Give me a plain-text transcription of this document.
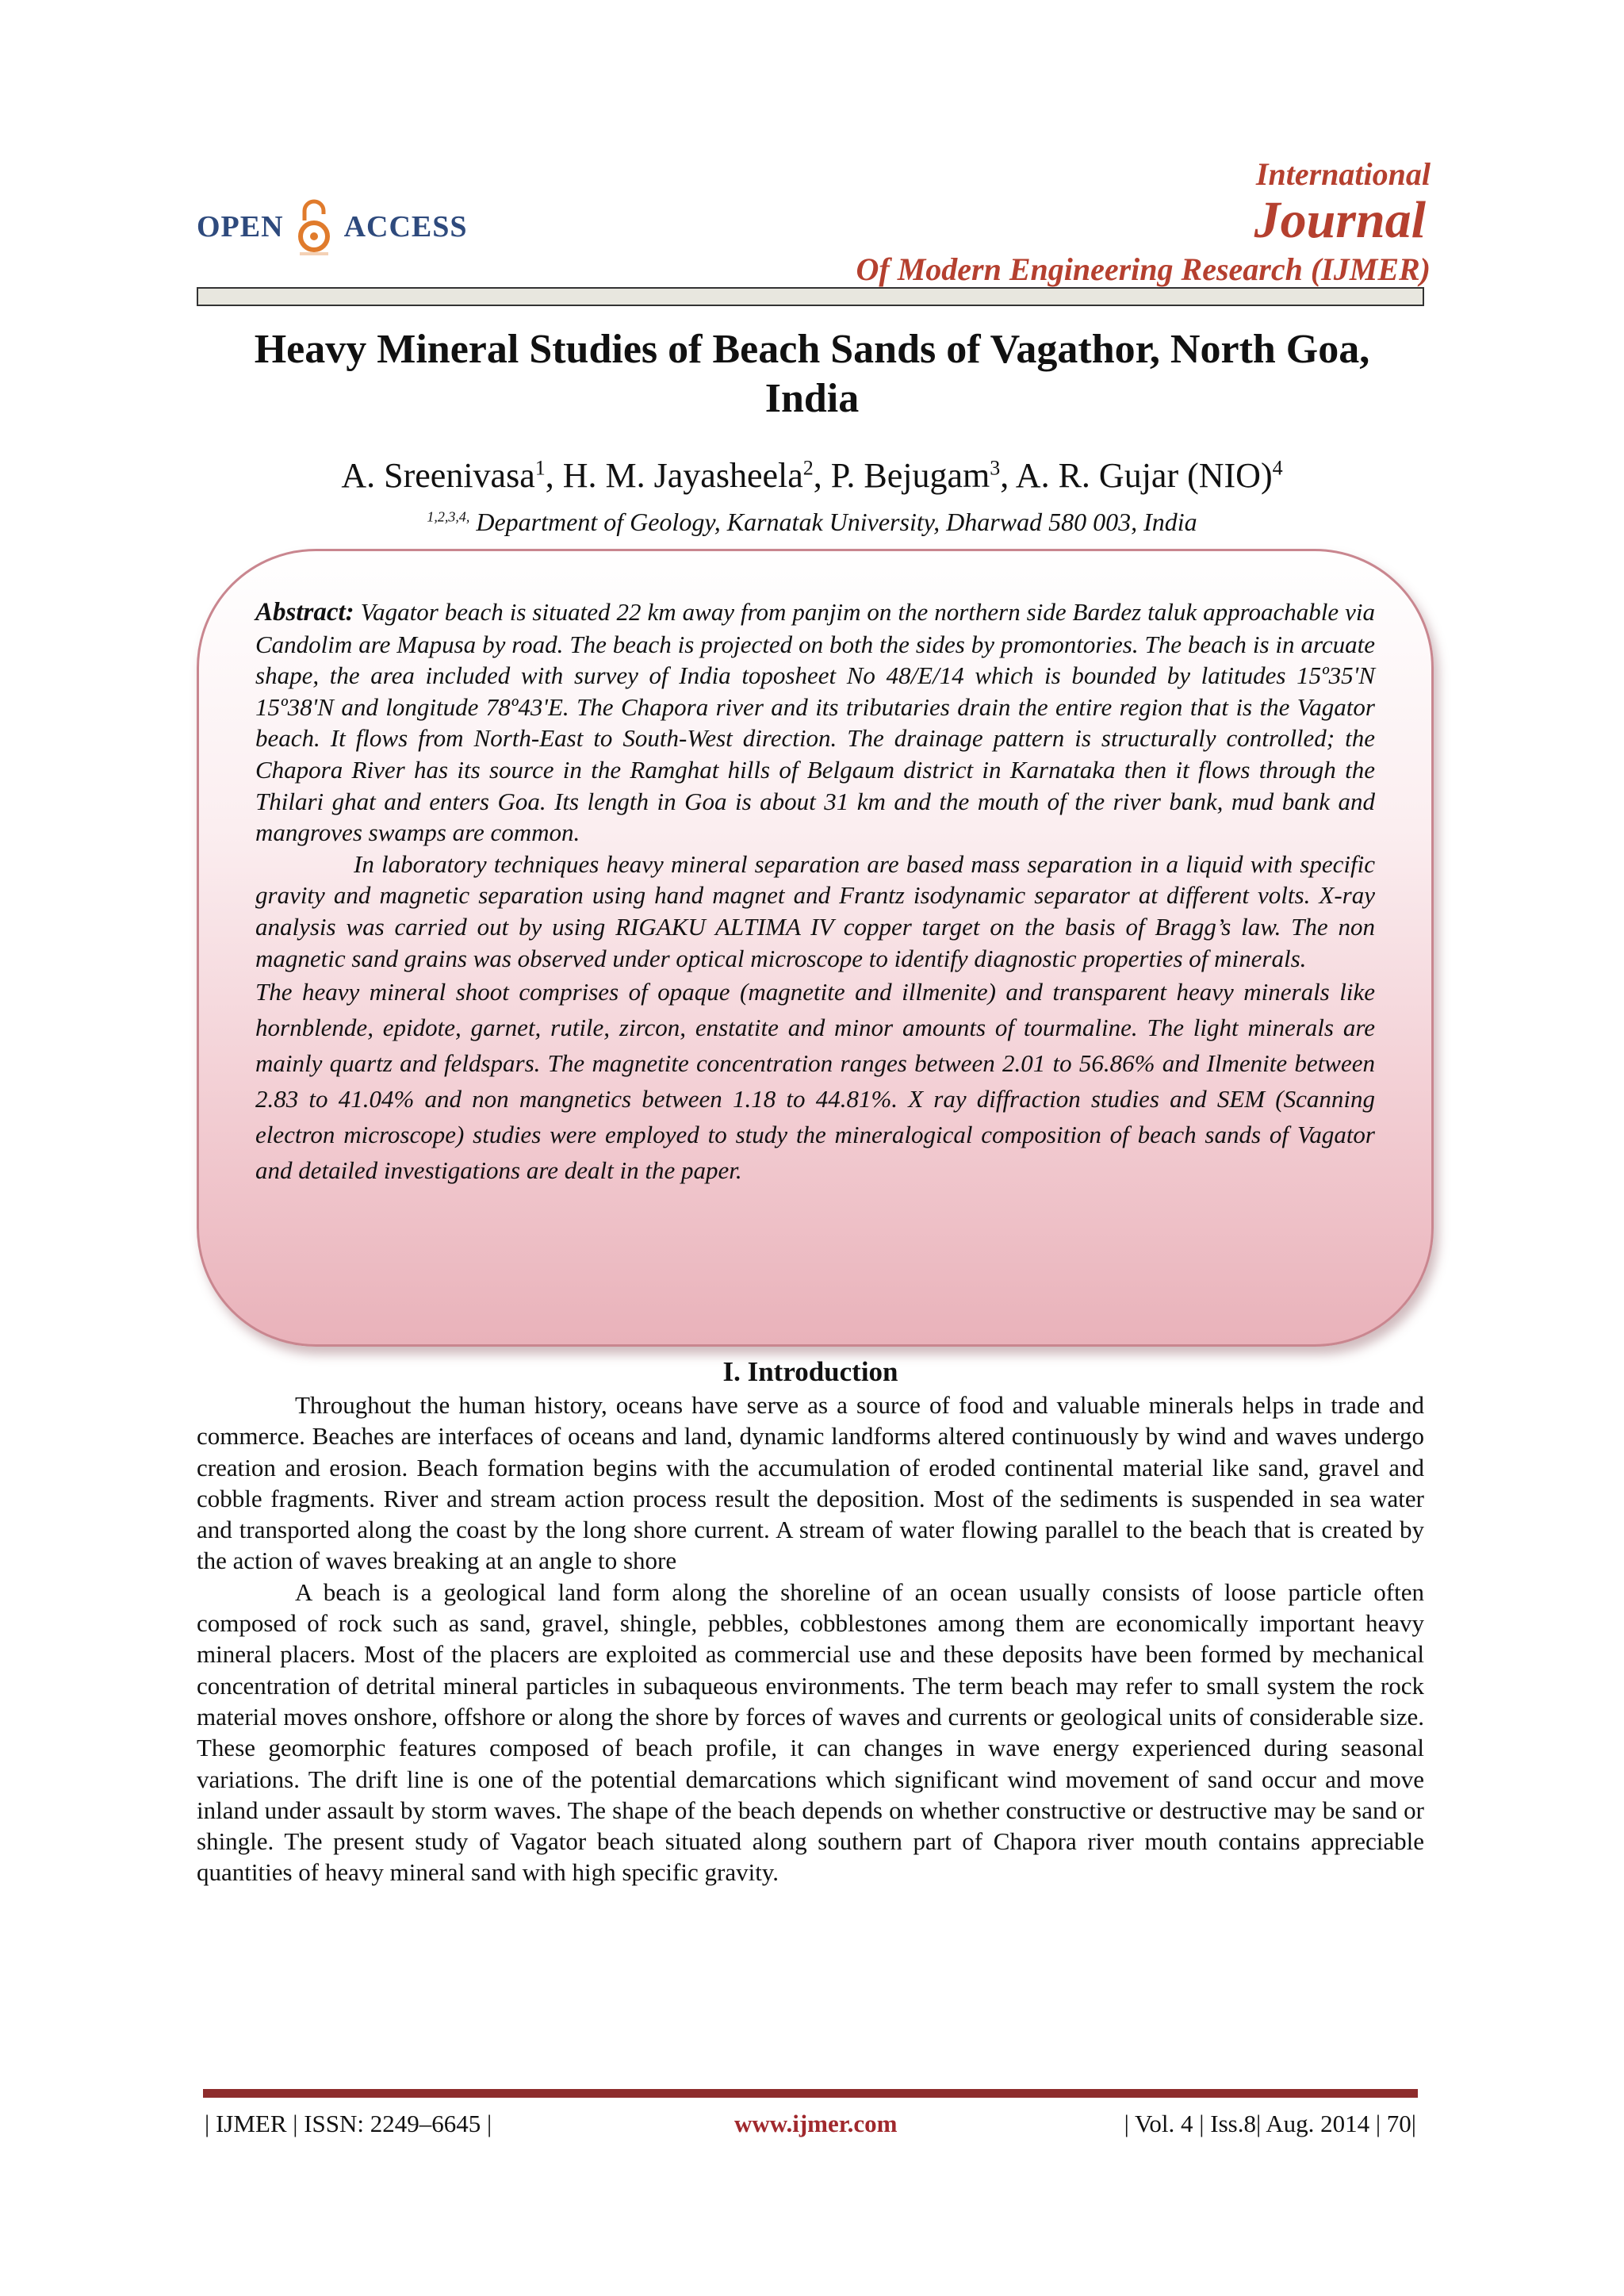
OPEN ACCESS
International
Journal
Of Modern Engineering Research (IJMER)
Heavy Mineral Studies of Beach Sands of Vagathor, North Goa,
India
A. Sreenivasa$^1$, H. M. Jayasheela$^2$, P. Bejugam$^3$, A. R. Gujar (NIO)$^4$
$^{1,2,3,4,}$ Department of Geology, Karnatak University, Dharwad 580 003, India

Abstract: Vagator beach is situated 22 km away from panjim on the northern side Bardez taluk approachable via Candolim are Mapusa by road. The beach is projected on both the sides by promontories. The beach is in arcuate shape, the area included with survey of India toposheet No 48/E/14 which is bounded by latitudes 15º35ʹN 15º38ʹN and longitude 78º43ʹE. The Chapora river and its tributaries drain the entire region that is the Vagator beach. It flows from North-East to South-West direction. The drainage pattern is structurally controlled; the Chapora River has its source in the Ramghat hills of Belgaum district in Karnataka then it flows through the Thilari ghat and enters Goa. Its length in Goa is about 31 km and the mouth of the river bank, mud bank and mangroves swamps are common.

In laboratory techniques heavy mineral separation are based mass separation in a liquid with specific gravity and magnetic separation using hand magnet and Frantz isodynamic separator at different volts. X-ray analysis was carried out by using RIGAKU ALTIMA IV copper target on the basis of Bragg’s law. The non magnetic sand grains was observed under optical microscope to identify diagnostic properties of minerals.

The heavy mineral shoot comprises of opaque (magnetite and illmenite) and transparent heavy minerals like hornblende, epidote, garnet, rutile, zircon, enstatite and minor amounts of tourmaline. The light minerals are mainly quartz and feldspars. The magnetite concentration ranges between 2.01 to 56.86% and Ilmenite between 2.83 to 41.04% and non mangnetics between 1.18 to 44.81%. X ray diffraction studies and SEM (Scanning electron microscope) studies were employed to study the mineralogical composition of beach sands of Vagator and detailed investigations are dealt in the paper.

I. Introduction

Throughout the human history, oceans have serve as a source of food and valuable minerals helps in trade and commerce. Beaches are interfaces of oceans and land, dynamic landforms altered continuously by wind and waves undergo creation and erosion. Beach formation begins with the accumulation of eroded continental material like sand, gravel and cobble fragments. River and stream action process result the deposition. Most of the sediments is suspended in sea water and transported along the coast by the long shore current. A stream of water flowing parallel to the beach that is created by the action of waves breaking at an angle to shore

A beach is a geological land form along the shoreline of an ocean usually consists of loose particle often composed of rock such as sand, gravel, shingle, pebbles, cobblestones among them are economically important heavy mineral placers. Most of the placers are exploited as commercial use and these deposits have been formed by mechanical concentration of detrital mineral particles in subaqueous environments. The term beach may refer to small system the rock material moves onshore, offshore or along the shore by forces of waves and currents or geological units of considerable size. These geomorphic features composed of beach profile, it can changes in wave energy experienced during seasonal variations. The drift line is one of the potential demarcations which significant wind movement of sand occur and move inland under assault by storm waves. The shape of the beach depends on whether constructive or destructive may be sand or shingle. The present study of Vagator beach situated along southern part of Chapora river mouth contains appreciable quantities of heavy mineral sand with high specific gravity.

| IJMER | ISSN: 2249–6645 |	www.ijmer.com	| Vol. 4 | Iss.8| Aug. 2014 | 70|
